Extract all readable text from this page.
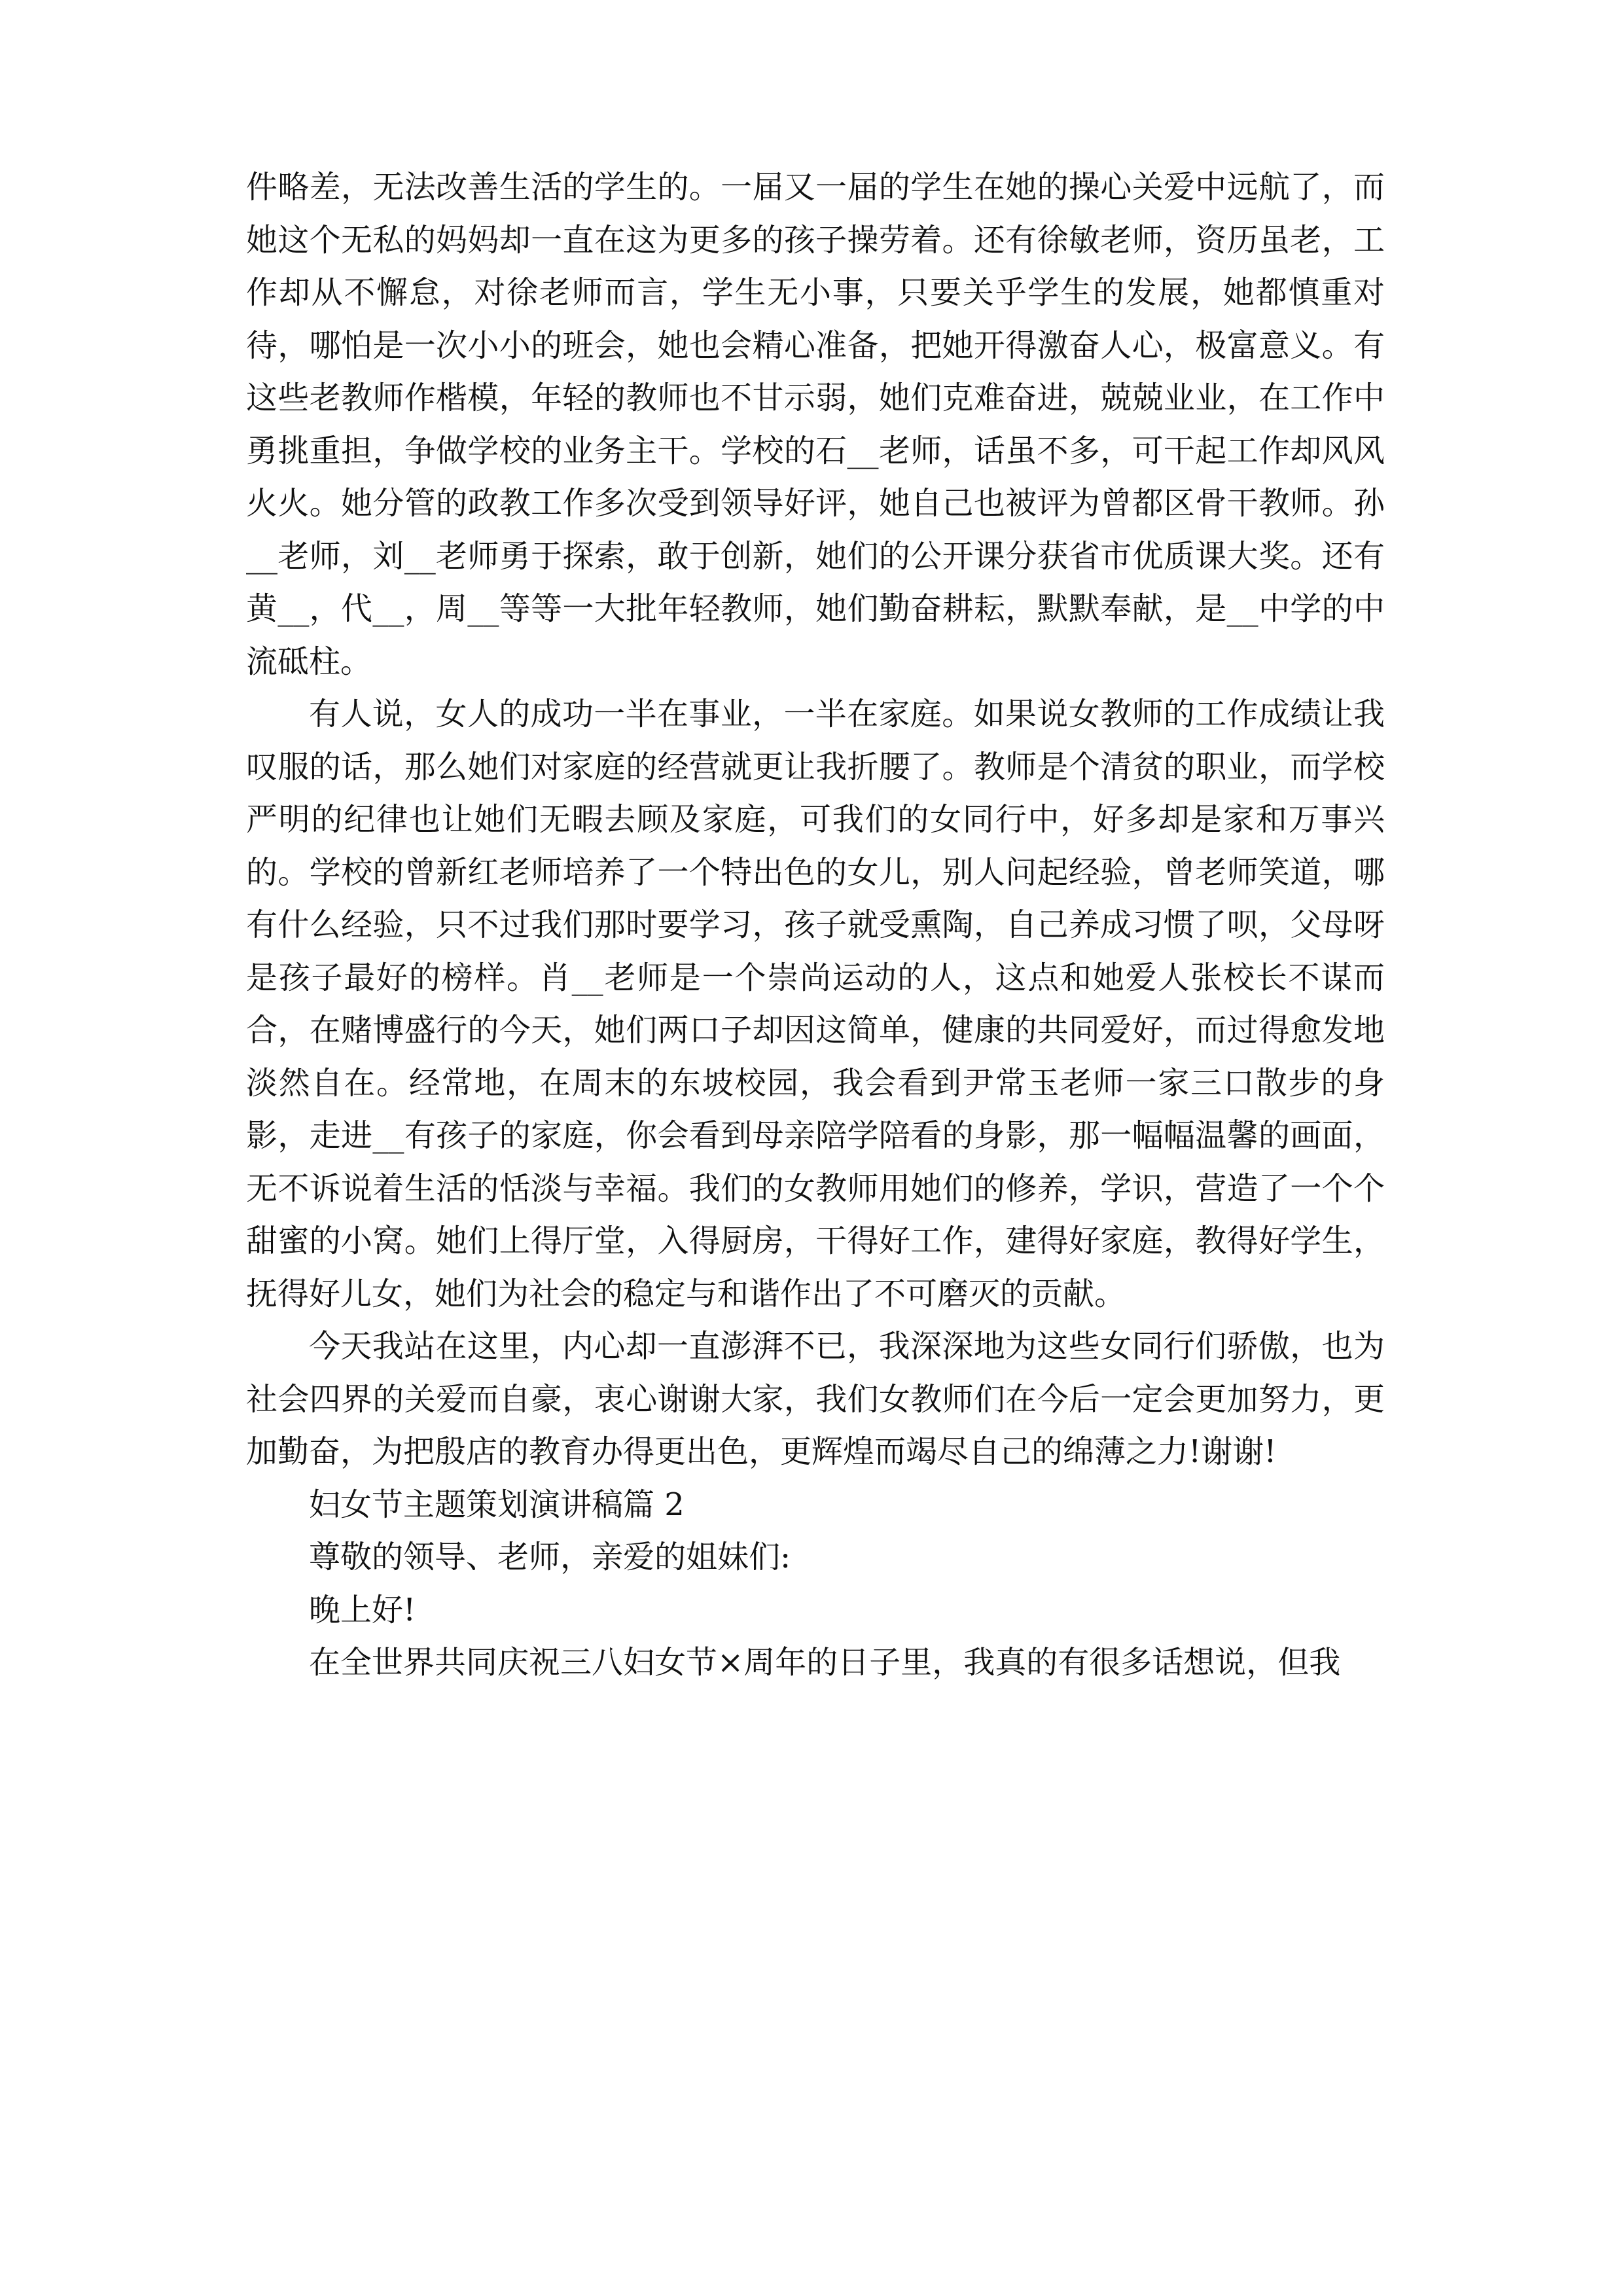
件略差，无法改善生活的学生的。一届又一届的学生在她的操心关爱中远航了，而她这个无私的妈妈却一直在这为更多的孩子操劳着。还有徐敏老师，资历虽老，工作却从不懈怠，对徐老师而言，学生无小事，只要关乎学生的发展，她都慎重对待，哪怕是一次小小的班会，她也会精心准备，把她开得激奋人心，极富意义。有这些老教师作楷模，年轻的教师也不甘示弱，她们克难奋进，兢兢业业，在工作中勇挑重担，争做学校的业务主干。学校的石__老师，话虽不多，可干起工作却风风火火。她分管的政教工作多次受到领导好评，她自己也被评为曾都区骨干教师。孙__老师，刘__老师勇于探索，敢于创新，她们的公开课分获省市优质课大奖。还有黄__，代__，周__等等一大批年轻教师，她们勤奋耕耘，默默奉献，是__中学的中流砥柱。

有人说，女人的成功一半在事业，一半在家庭。如果说女教师的工作成绩让我叹服的话，那么她们对家庭的经营就更让我折腰了。教师是个清贫的职业，而学校严明的纪律也让她们无暇去顾及家庭，可我们的女同行中，好多却是家和万事兴的。学校的曾新红老师培养了一个特出色的女儿，别人问起经验，曾老师笑道，哪有什么经验，只不过我们那时要学习，孩子就受熏陶，自己养成习惯了呗，父母呀是孩子最好的榜样。肖__老师是一个崇尚运动的人，这点和她爱人张校长不谋而合，在赌博盛行的今天，她们两口子却因这简单，健康的共同爱好，而过得愈发地淡然自在。经常地，在周末的东坡校园，我会看到尹常玉老师一家三口散步的身影，走进__有孩子的家庭，你会看到母亲陪学陪看的身影，那一幅幅温馨的画面，无不诉说着生活的恬淡与幸福。我们的女教师用她们的修养，学识，营造了一个个甜蜜的小窝。她们上得厅堂，入得厨房，干得好工作，建得好家庭，教得好学生，抚得好儿女，她们为社会的稳定与和谐作出了不可磨灭的贡献。

今天我站在这里，内心却一直澎湃不已，我深深地为这些女同行们骄傲，也为社会四界的关爱而自豪，衷心谢谢大家，我们女教师们在今后一定会更加努力，更加勤奋，为把殷店的教育办得更出色，更辉煌而竭尽自己的绵薄之力!谢谢!

妇女节主题策划演讲稿篇 2

尊敬的领导、老师，亲爱的姐妹们:

晚上好!

在全世界共同庆祝三八妇女节×周年的日子里，我真的有很多话想说，但我
